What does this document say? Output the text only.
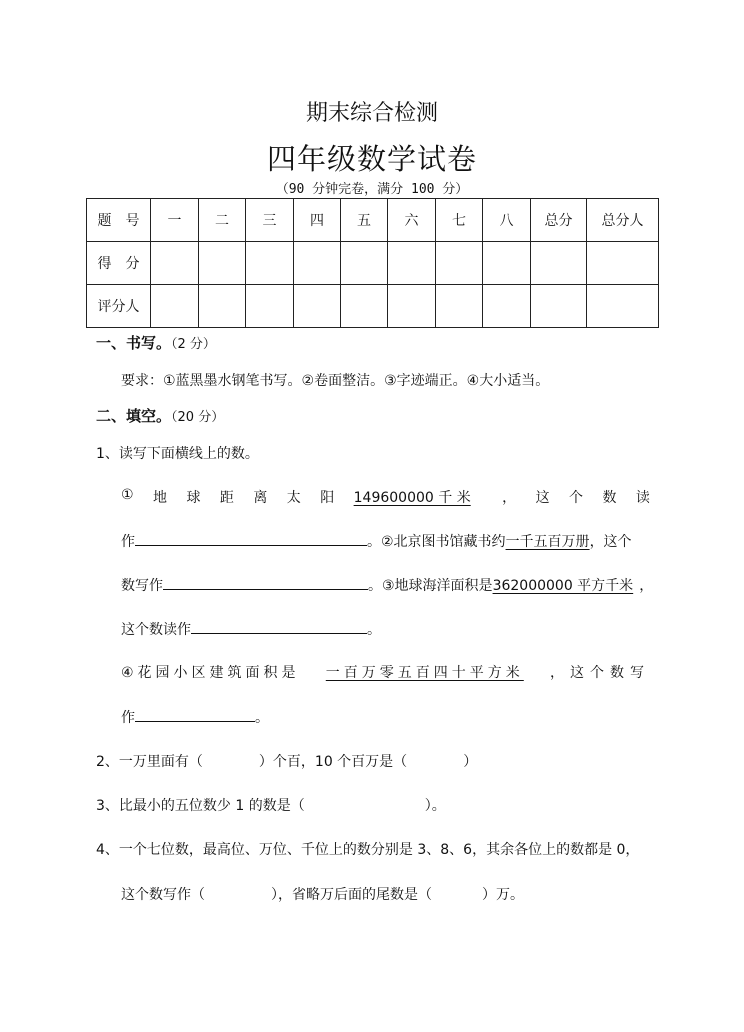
期末综合检测
四年级数学试卷
（90 分钟完卷，满分 100 分）
题　号	一	二	三	四	五	六	七	八	总分	总分人
得　分										
评分人										
一、书写。（2 分）
要求：①蓝黑墨水钢笔书写。②卷面整洁。③字迹端正。④大小适当。
二、填空。（20 分）
1、读写下面横线上的数。
① 地 球 距 离 太 阳 149600000 千 米	， 这 个 数 读
作	。②北京图书馆藏书约一千五百万册，这个
数写作	。③地球海洋面积是362000000 平方千米 ，
这个数读作	。
④花园小区建筑面积是 一百万零五百四十平方米 ，这个数写
作	。
2、一万里面有（	）个百，10 个百万是（	）
3、比最小的五位数少 1 的数是（	）。
4、一个七位数，最高位、万位、千位上的数分别是 3、8、6，其余各位上的数都是 0，
这个数写作（	），省略万后面的尾数是（	）万。
